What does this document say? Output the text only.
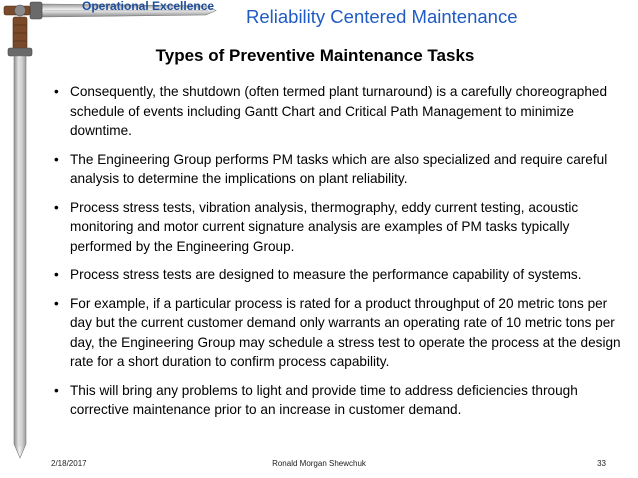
Operational Excellence Reliability Centered Maintenance
Types of Preventive Maintenance Tasks
• Consequently, the shutdown (often termed plant turnaround) is a carefully choreographed schedule of events including Gantt Chart and Critical Path Management to minimize downtime.
• The Engineering Group performs PM tasks which are also specialized and require careful analysis to determine the implications on plant reliability.
• Process stress tests, vibration analysis, thermography, eddy current testing, acoustic monitoring and motor current signature analysis are examples of PM tasks typically performed by the Engineering Group.
• Process stress tests are designed to measure the performance capability of systems.
• For example, if a particular process is rated for a product throughput of 20 metric tons per day but the current customer demand only warrants an operating rate of 10 metric tons per day, the Engineering Group may schedule a stress test to operate the process at the design rate for a short duration to confirm process capability.
• This will bring any problems to light and provide time to address deficiencies through corrective maintenance prior to an increase in customer demand.
2/18/2017	Ronald Morgan Shewchuk	33
